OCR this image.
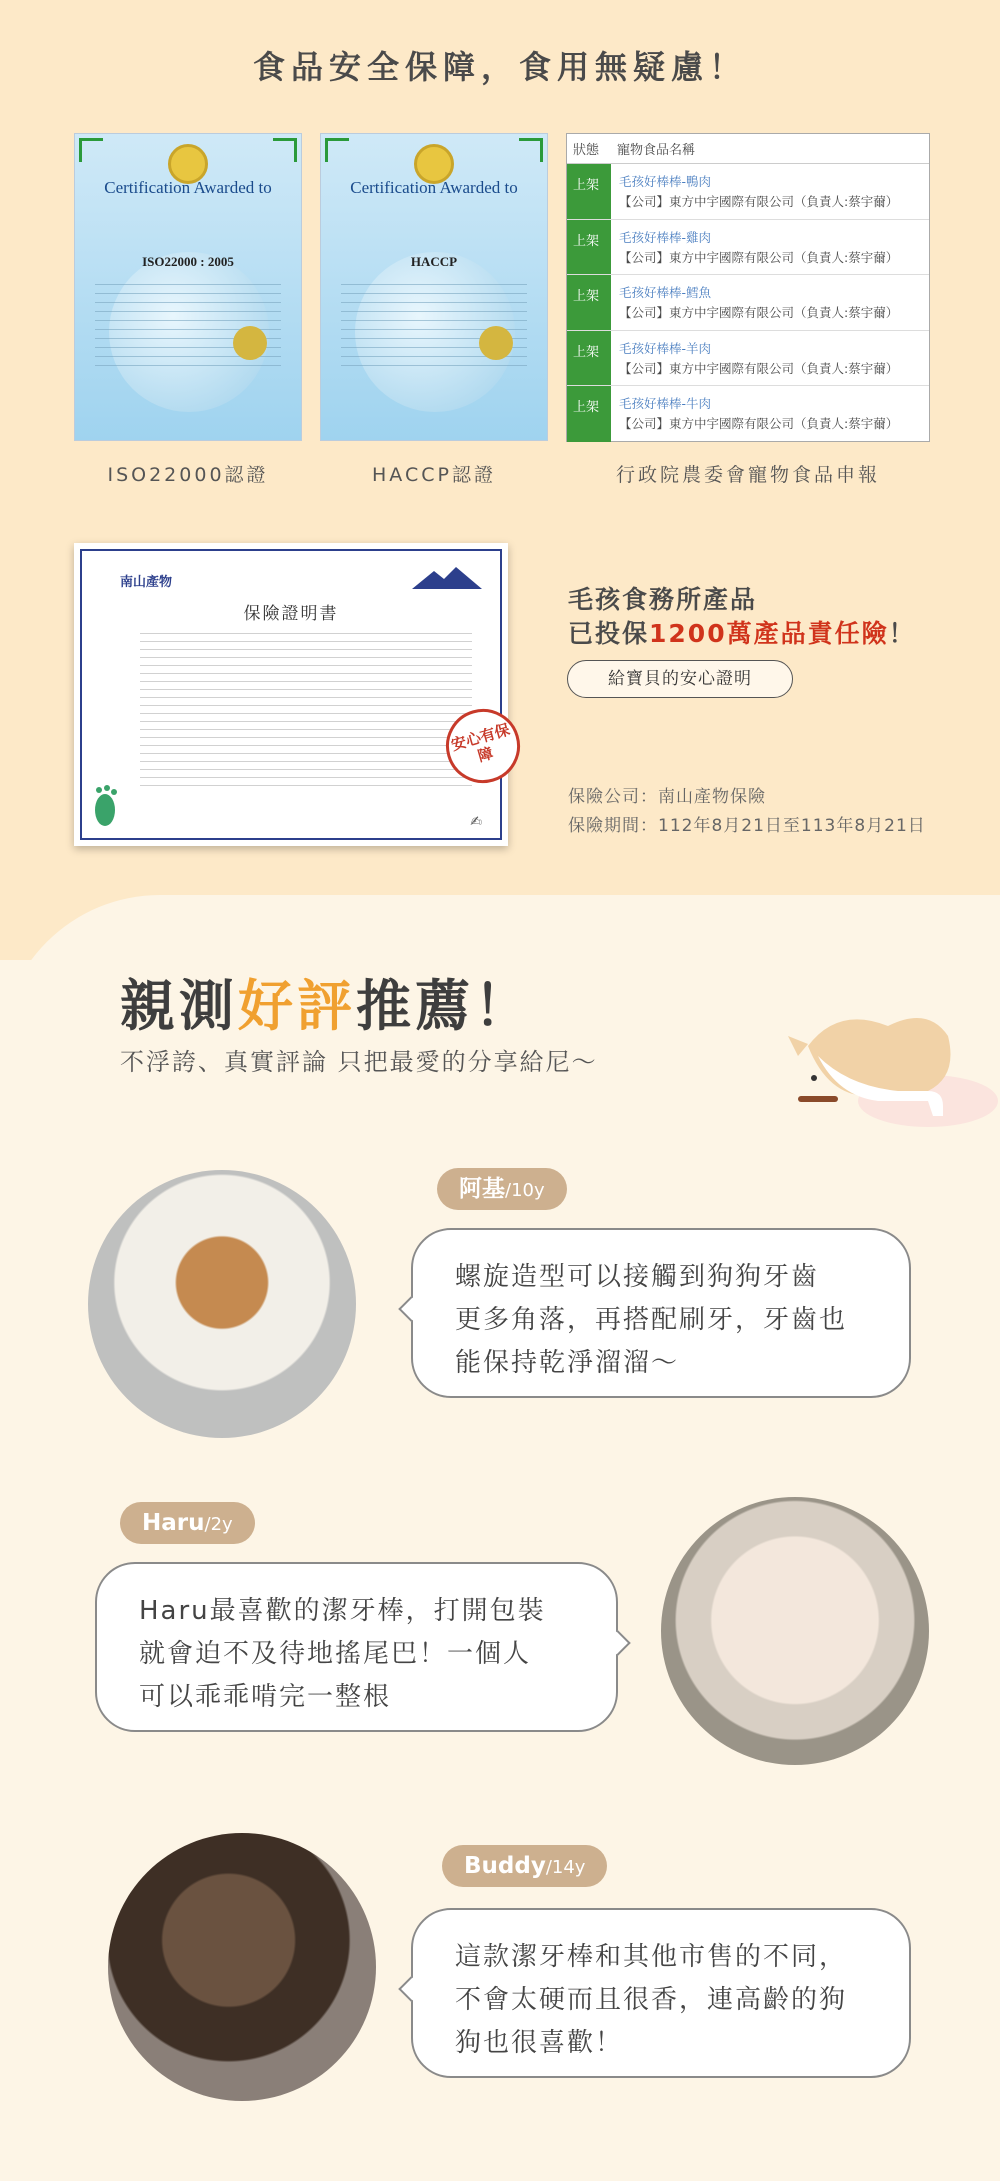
食品安全保障，食用無疑慮！
Certification Awarded to
ISO22000 : 2005
ISO22000認證
Certification Awarded to
HACCP
HACCP認證
狀態	寵物食品名稱
上架	毛孩好棒棒-鴨肉
【公司】東方中宇國際有限公司（負責人:蔡宇薾）
上架	毛孩好棒棒-雞肉
【公司】東方中宇國際有限公司（負責人:蔡宇薾）
上架	毛孩好棒棒-鱈魚
【公司】東方中宇國際有限公司（負責人:蔡宇薾）
上架	毛孩好棒棒-羊肉
【公司】東方中宇國際有限公司（負責人:蔡宇薾）
上架	毛孩好棒棒-牛肉
【公司】東方中宇國際有限公司（負責人:蔡宇薾）
行政院農委會寵物食品申報
南山產物
保險證明書
安心有保障
✍
毛孩食務所產品
已投保1200萬產品責任險！
給寶貝的安心證明
保險公司：南山產物保險
保險期間：112年8月21日至113年8月21日
親測好評推薦！
不浮誇、真實評論 只把最愛的分享給尼～
阿基/10y
螺旋造型可以接觸到狗狗牙齒
更多角落，再搭配刷牙，牙齒也
能保持乾淨溜溜～
Haru/2y
Haru最喜歡的潔牙棒，打開包裝
就會迫不及待地搖尾巴！一個人
可以乖乖啃完一整根
Buddy/14y
這款潔牙棒和其他市售的不同，
不會太硬而且很香，連高齡的狗
狗也很喜歡！
